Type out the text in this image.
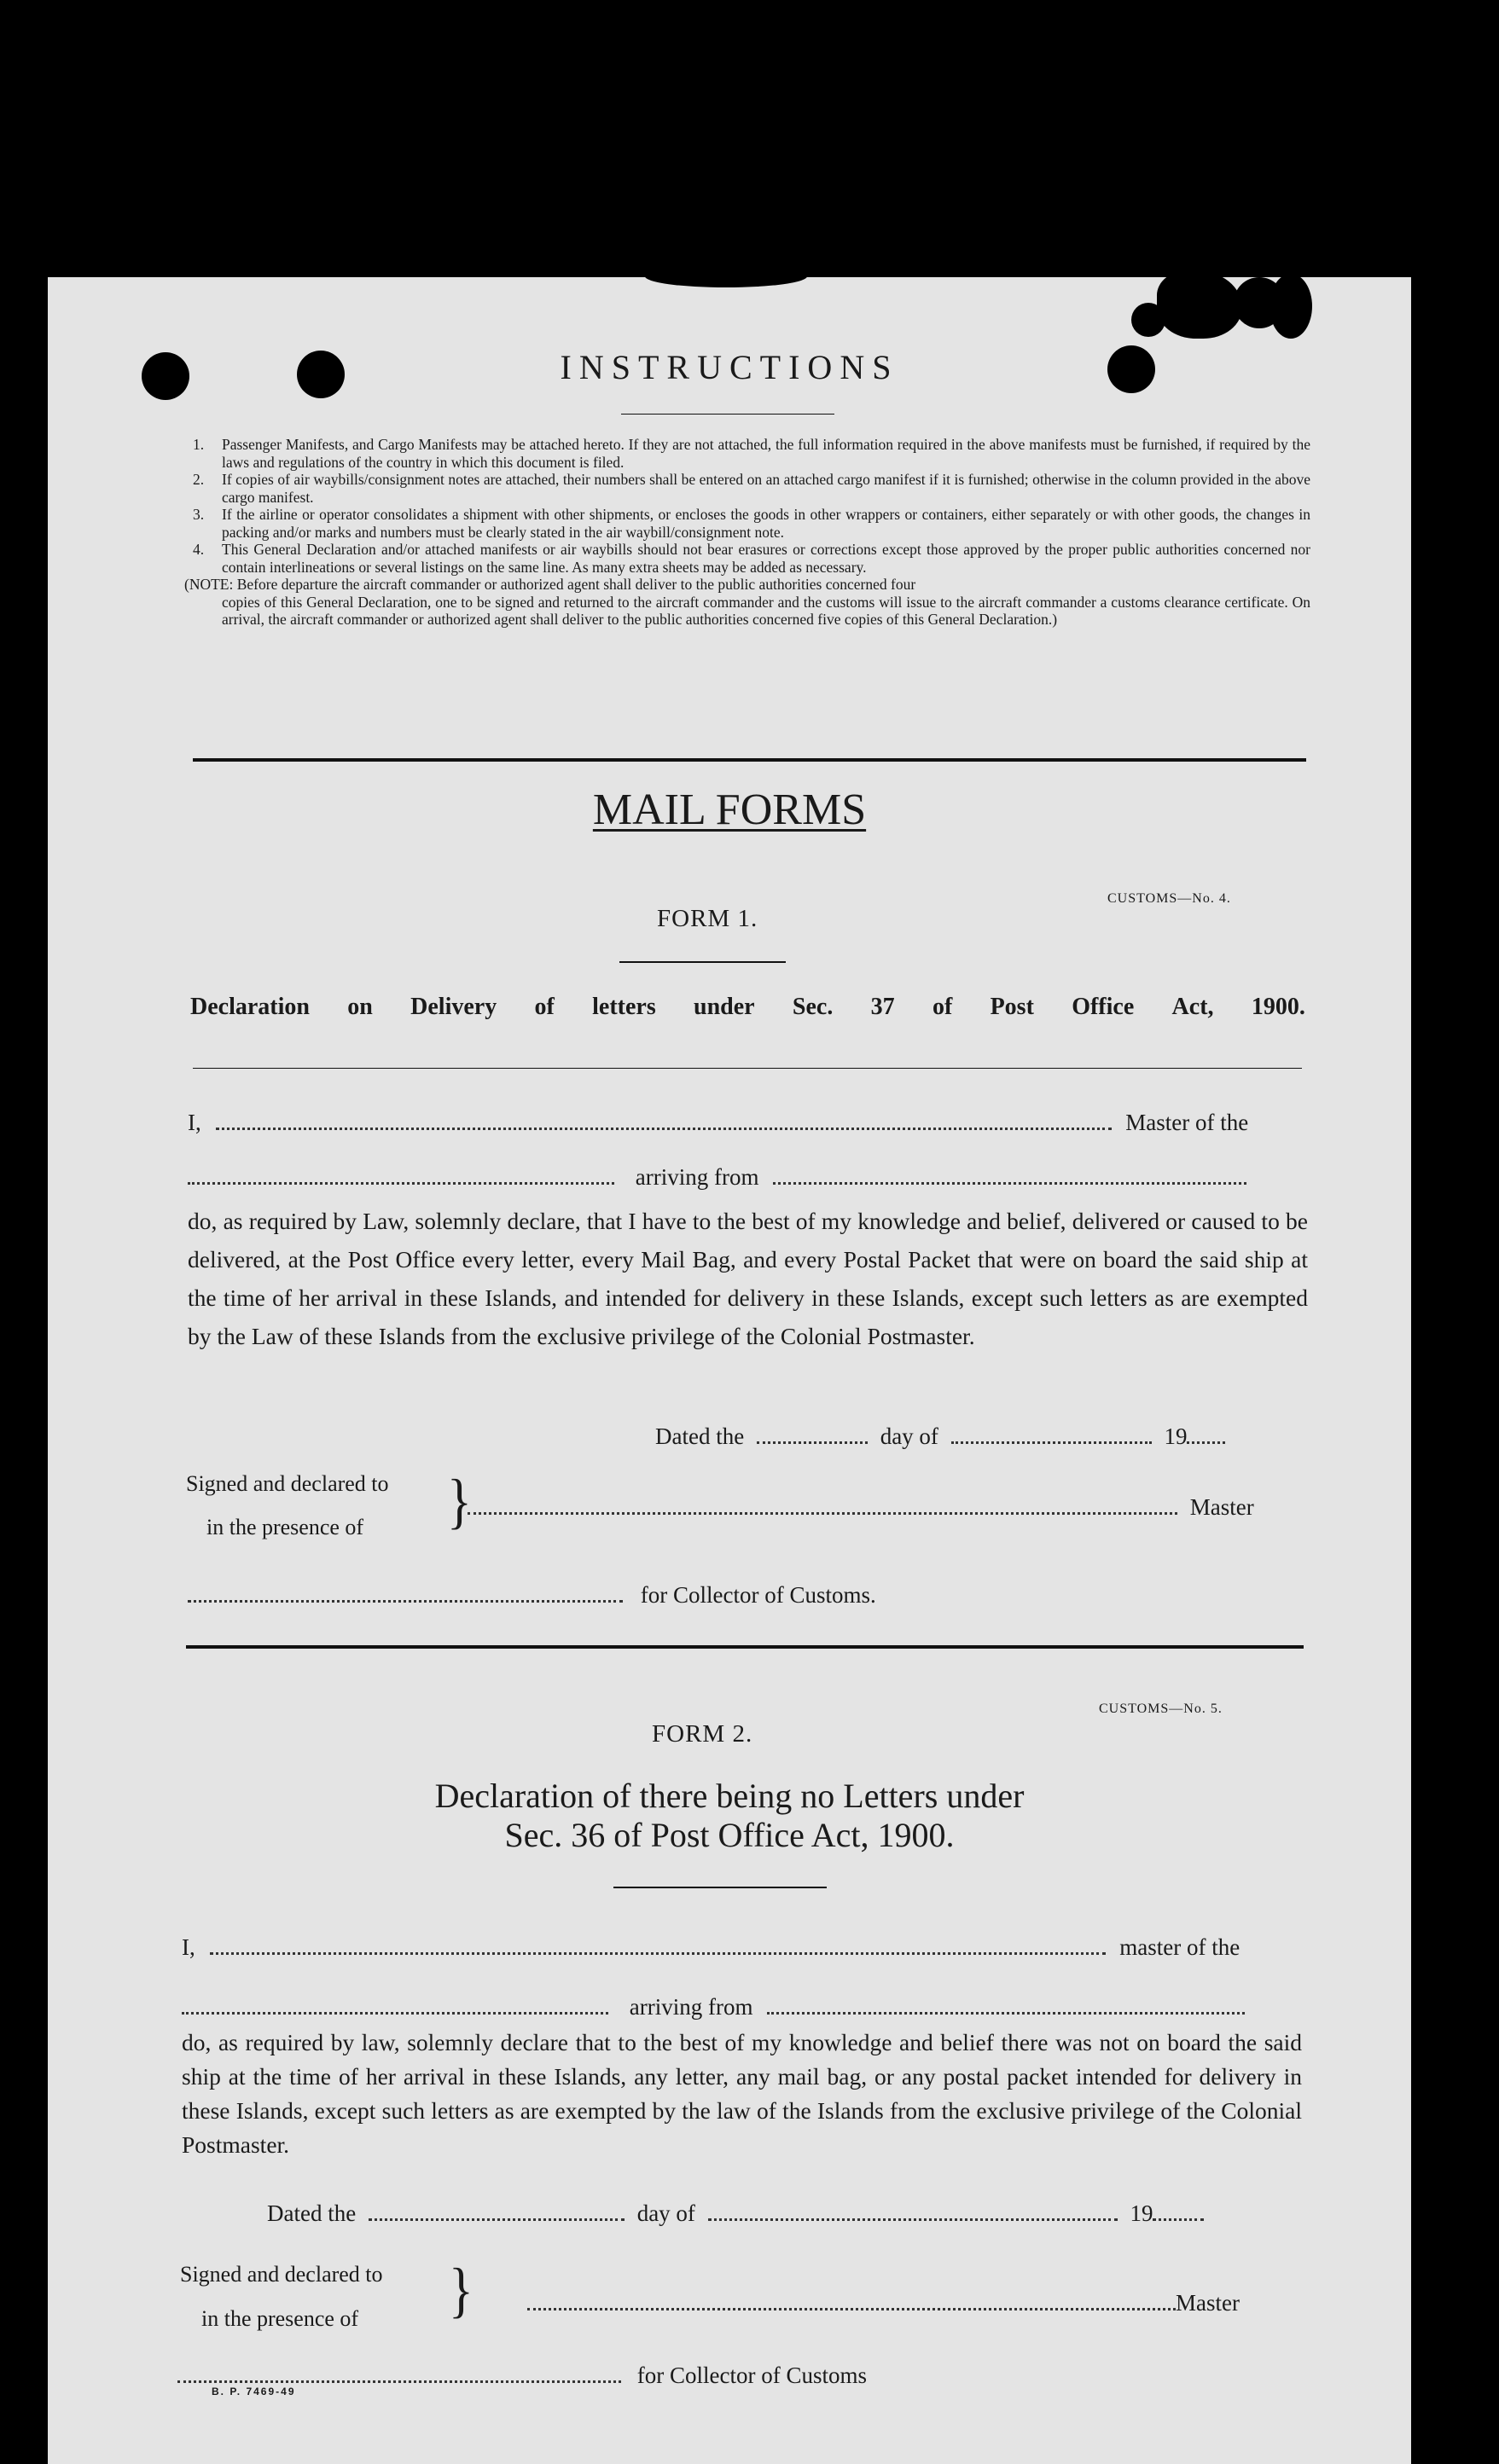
INSTRUCTIONS
1. Passenger Manifests, and Cargo Manifests may be attached hereto. If they are not attached, the full information required in the above manifests must be furnished, if required by the laws and regulations of the country in which this document is filed.
2. If copies of air waybills/consignment notes are attached, their numbers shall be entered on an attached cargo manifest if it is furnished; otherwise in the column provided in the above cargo manifest.
3. If the airline or operator consolidates a shipment with other shipments, or encloses the goods in other wrappers or containers, either separately or with other goods, the changes in packing and/or marks and numbers must be clearly stated in the air waybill/consignment note.
4. This General Declaration and/or attached manifests or air waybills should not bear erasures or corrections except those approved by the proper public authorities concerned nor contain interlineations or several listings on the same line. As many extra sheets may be added as necessary.
(NOTE: Before departure the aircraft commander or authorized agent shall deliver to the public authorities concerned four
copies of this General Declaration, one to be signed and returned to the aircraft commander and the customs will issue to the aircraft commander a customs clearance certificate. On arrival, the aircraft commander or authorized agent shall deliver to the public authorities concerned five copies of this General Declaration.)
MAIL FORMS
CUSTOMS—No. 4.
FORM 1.
Declaration on Delivery of letters under Sec. 37 of Post Office Act, 1900.
I,	Master of the
arriving from
do, as required by Law, solemnly declare, that I have to the best of my knowledge and belief, delivered or caused to be delivered, at the Post Office every letter, every Mail Bag, and every Postal Packet that were on board the said ship at the time of her arrival in these Islands, and intended for delivery in these Islands, except such letters as are exempted by the Law of these Islands from the exclusive privilege of the Colonial Postmaster.
Dated the	day of	19
Signed and declared to
in the presence of }	Master
for Collector of Customs.
CUSTOMS—No. 5.
FORM 2.
Declaration of there being no Letters under
Sec. 36 of Post Office Act, 1900.
I,	master of the
arriving from
do, as required by law, solemnly declare that to the best of my knowledge and belief there was not on board the said ship at the time of her arrival in these Islands, any letter, any mail bag, or any postal packet intended for delivery in these Islands, except such letters as are exempted by the law of the Islands from the exclusive privilege of the Colonial Postmaster.
Dated the	day of	19
Signed and declared to
in the presence of }	Master
for Collector of Customs
B. P. 7469-49
